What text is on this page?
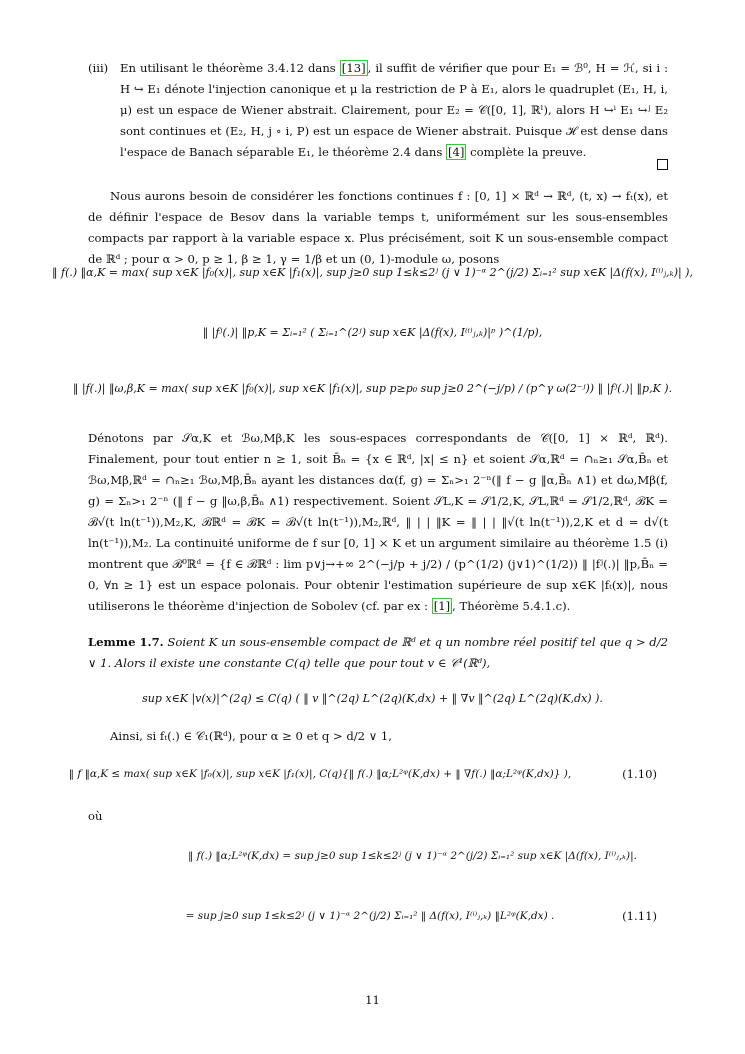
(iii) En utilisant le théorème 3.4.12 dans [13] , il suffit de vérifier que pour E₁ = ℬ⁰, H = ℋ, si i : H ↪ E₁ dénote l'injection canonique et μ la restriction de P à E₁, alors le quadruplet (E₁, H, i, μ) est un espace de Wiener abstrait. Clairement, pour E₂ = 𝒞([0, 1], ℝˡ), alors H ↪ⁱ E₁ ↪ʲ E₂ sont continues et (E₂, H, j ∘ i, P) est un espace de Wiener abstrait. Puisque ℋ est dense dans l'espace de Banach séparable E₁, le théorème 2.4 dans [4] complète la preuve.
Nous aurons besoin de considérer les fonctions continues f : [0, 1] × ℝᵈ → ℝᵈ, (t, x) → fₜ(x), et de définir l'espace de Besov dans la variable temps t, uniformément sur les sous-ensembles compacts par rapport à la variable espace x. Plus précisément, soit K un sous-ensemble compact de ℝᵈ ; pour α > 0, p ≥ 1, β ≥ 1, γ = 1/β et un (0, 1)-module ω, posons
‖ f(.) ‖α,K = max( sup x∈K |f₀(x)|, sup x∈K |f₁(x)|, sup j≥0 sup 1≤k≤2ʲ (j ∨ 1)⁻ᵅ 2^(j/2) Σᵢ₌₁² sup x∈K |Δ(f(x), I⁽ⁱ⁾ⱼ,ₖ)| ),
‖ |fʲ(.)| ‖p,K = Σᵢ₌₁² ( Σᵢ₌₁^(2ʲ) sup x∈K |Δ(f(x), I⁽ⁱ⁾ⱼ,ₖ)|ᵖ )^(1/p),
‖ |f(.)| ‖ω,β,K = max( sup x∈K |f₀(x)|, sup x∈K |f₁(x)|, sup p≥p₀ sup j≥0 2^(−j/p) / (p^γ ω(2⁻ʲ)) ‖ |fʲ(.)| ‖p,K ).
Dénotons par 𝒮α,K et ℬω,Mβ,K les sous-espaces correspondants de 𝒞([0, 1] × ℝᵈ, ℝᵈ). Finalement, pour tout entier n ≥ 1, soit B̄ₙ = {x ∈ ℝᵈ, |x| ≤ n} et soient 𝒮α,ℝᵈ = ∩ₙ≥₁ 𝒮α,B̄ₙ et ℬω,Mβ,ℝᵈ = ∩ₙ≥₁ ℬω,Mβ,B̄ₙ ayant les distances dα(f, g) = Σₙ>₁ 2⁻ⁿ(‖ f − g ‖α,B̄ₙ ∧1) et dω,Mβ(f, g) = Σₙ>₁ 2⁻ⁿ (‖ f − g ‖ω,β,B̄ₙ ∧1) respectivement. Soient 𝒮L,K = 𝒮1/2,K, 𝒮L,ℝᵈ = 𝒮1/2,ℝᵈ, ℬK = ℬ√(t ln(t⁻¹)),M₂,K, ℬℝᵈ = ℬK = ℬ√(t ln(t⁻¹)),M₂,ℝᵈ, ‖ | | ‖K = ‖ | | ‖√(t ln(t⁻¹)),2,K et d = d√(t ln(t⁻¹)),M₂. La continuité uniforme de f sur [0, 1] × K et un argument similaire au théorème 1.5 (i) montrent que ℬ⁰ℝᵈ = {f ∈ ℬℝᵈ : lim p∨j→+∞ 2^(−j/p + j/2) / (p^(1/2) (j∨1)^(1/2)) ‖ |fʲ(.)| ‖p,B̄ₙ = 0, ∀n ≥ 1} est un espace polonais. Pour obtenir l'estimation supérieure de sup x∈K |fₜ(x)|, nous utiliserons le théorème d'injection de Sobolev (cf. par ex : [1] , Théorème 5.4.1.c).
Lemme 1.7. Soient K un sous-ensemble compact de ℝᵈ et q un nombre réel positif tel que q > d/2 ∨ 1. Alors il existe une constante C(q) telle que pour tout v ∈ 𝒞¹(ℝᵈ),
sup x∈K |v(x)|^(2q) ≤ C(q) ( ‖ v ‖^(2q) L^(2q)(K,dx) + ‖ ∇v ‖^(2q) L^(2q)(K,dx) ).
Ainsi, si fₜ(.) ∈ 𝒞₁(ℝᵈ), pour α ≥ 0 et q > d/2 ∨ 1,
‖ f ‖α,K ≤ max( sup x∈K |f₀(x)|, sup x∈K |f₁(x)|, C(q){‖ f(.) ‖α;L²ᵠ(K,dx) + ‖ ∇f(.) ‖α;L²ᵠ(K,dx)} ),	(1.10)
où
‖ f(.) ‖α;L²ᵠ(K,dx) = sup j≥0 sup 1≤k≤2ʲ (j ∨ 1)⁻ᵅ 2^(j/2) Σᵢ₌₁² sup x∈K |Δ(f(x), I⁽ⁱ⁾ⱼ,ₖ)|.
= sup j≥0 sup 1≤k≤2ʲ (j ∨ 1)⁻ᵅ 2^(j/2) Σᵢ₌₁² ‖ Δ(f(x), I⁽ⁱ⁾ⱼ,ₖ) ‖L²ᵠ(K,dx) .	(1.11)
11
